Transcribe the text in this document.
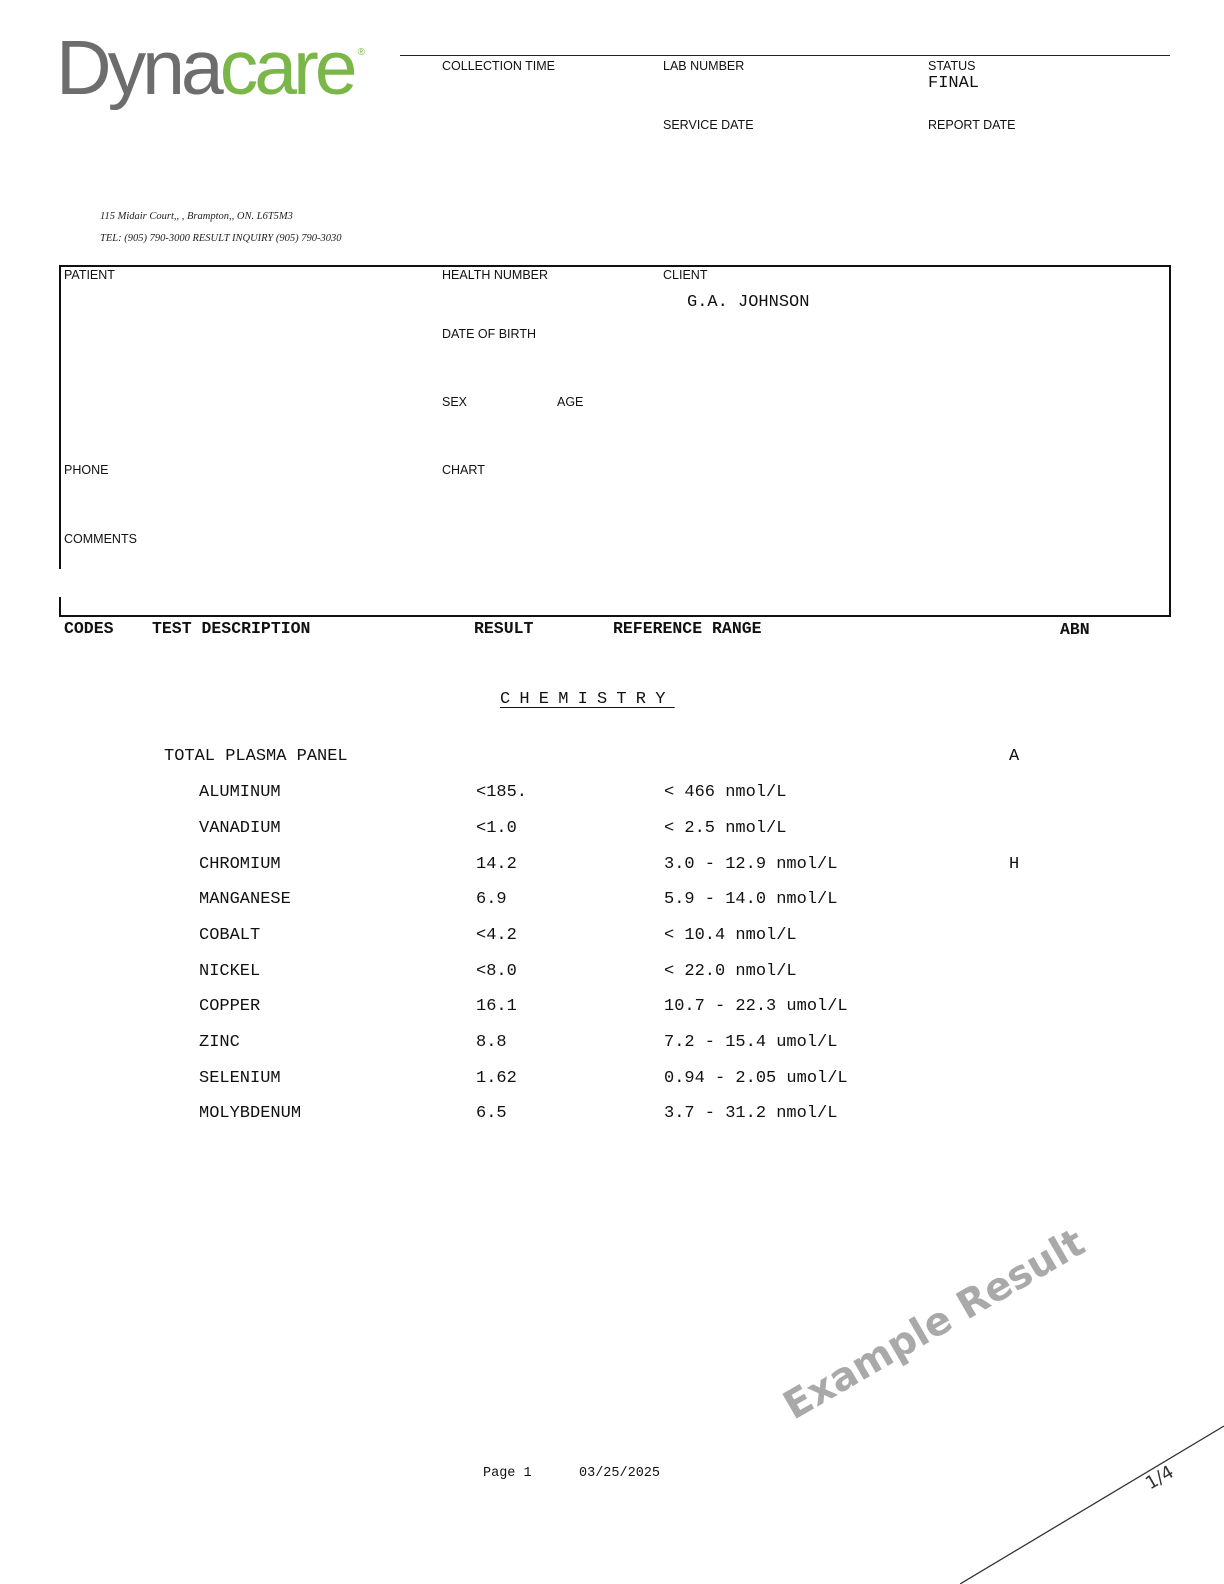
Dynacare ®
COLLECTION TIME	LAB NUMBER	STATUS
FINAL
SERVICE DATE	REPORT DATE
115 Midair Court,, , Brampton,, ON. L6T5M3
TEL: (905) 790-3000 RESULT INQUIRY (905) 790-3030
PATIENT	HEALTH NUMBER	CLIENT
G.A. JOHNSON
DATE OF BIRTH
SEX	AGE
PHONE	CHART
COMMENTS
CODES TEST DESCRIPTION	RESULT	REFERENCE RANGE	ABN
CHEMISTRY
TOTAL PLASMA PANEL	A
ALUMINUM	<185.	< 466 nmol/L
VANADIUM	<1.0	< 2.5 nmol/L
CHROMIUM	14.2	3.0 - 12.9 nmol/L	H
MANGANESE	6.9	5.9 - 14.0 nmol/L
COBALT	<4.2	< 10.4 nmol/L
NICKEL	<8.0	< 22.0 nmol/L
COPPER	16.1	10.7 - 22.3 umol/L
ZINC	8.8	7.2 - 15.4 umol/L
SELENIUM	1.62	0.94 - 2.05 umol/L
MOLYBDENUM	6.5	3.7 - 31.2 nmol/L
Example Result
Page 1	03/25/2025	1/4
